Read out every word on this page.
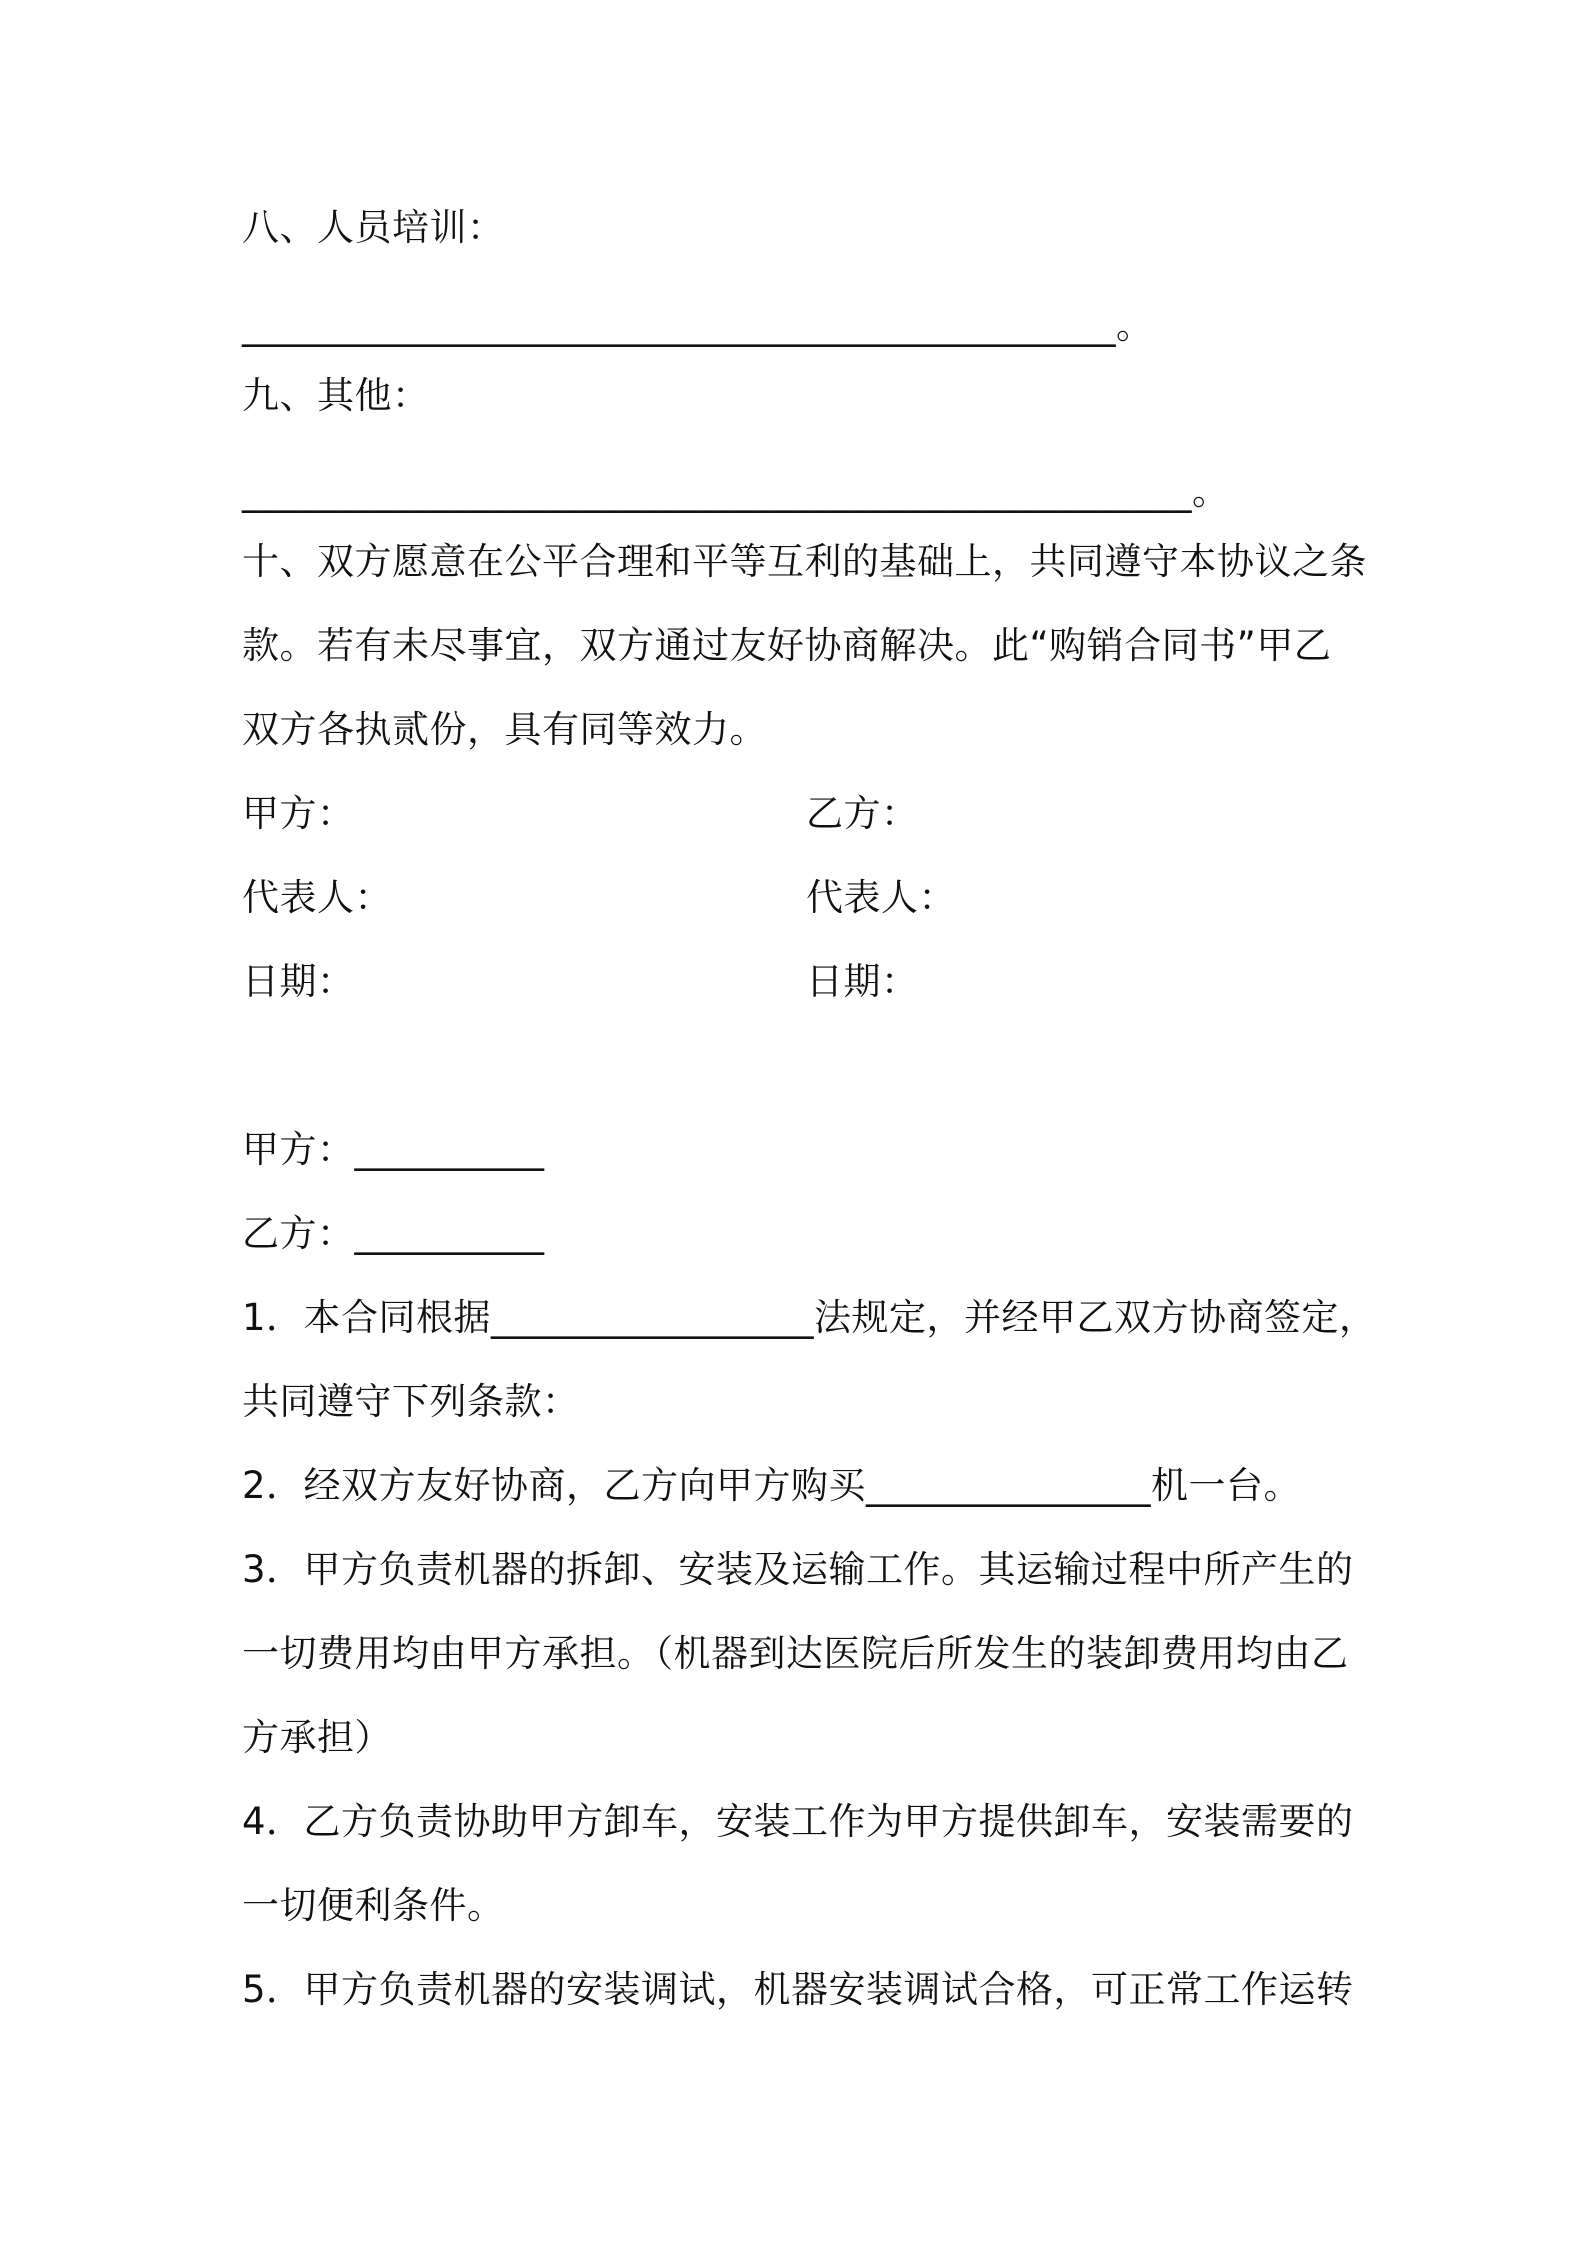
八、人员培训：
______________________________________________。
九、其他：
__________________________________________________。
十、双方愿意在公平合理和平等互利的基础上，共同遵守本协议之条
款。若有未尽事宜，双方通过友好协商解决。此“购销合同书”甲乙
双方各执贰份，具有同等效力。
甲方：	乙方：
代表人：	代表人：
日期：	日期：
甲方：__________
乙方：__________
1．本合同根据_________________法规定，并经甲乙双方协商签定，
共同遵守下列条款：
2．经双方友好协商，乙方向甲方购买_______________机一台。
3．甲方负责机器的拆卸、安装及运输工作。其运输过程中所产生的
一切费用均由甲方承担。（机器到达医院后所发生的装卸费用均由乙
方承担）
4．乙方负责协助甲方卸车，安装工作为甲方提供卸车，安装需要的
一切便利条件。
5．甲方负责机器的安装调试，机器安装调试合格，可正常工作运转
